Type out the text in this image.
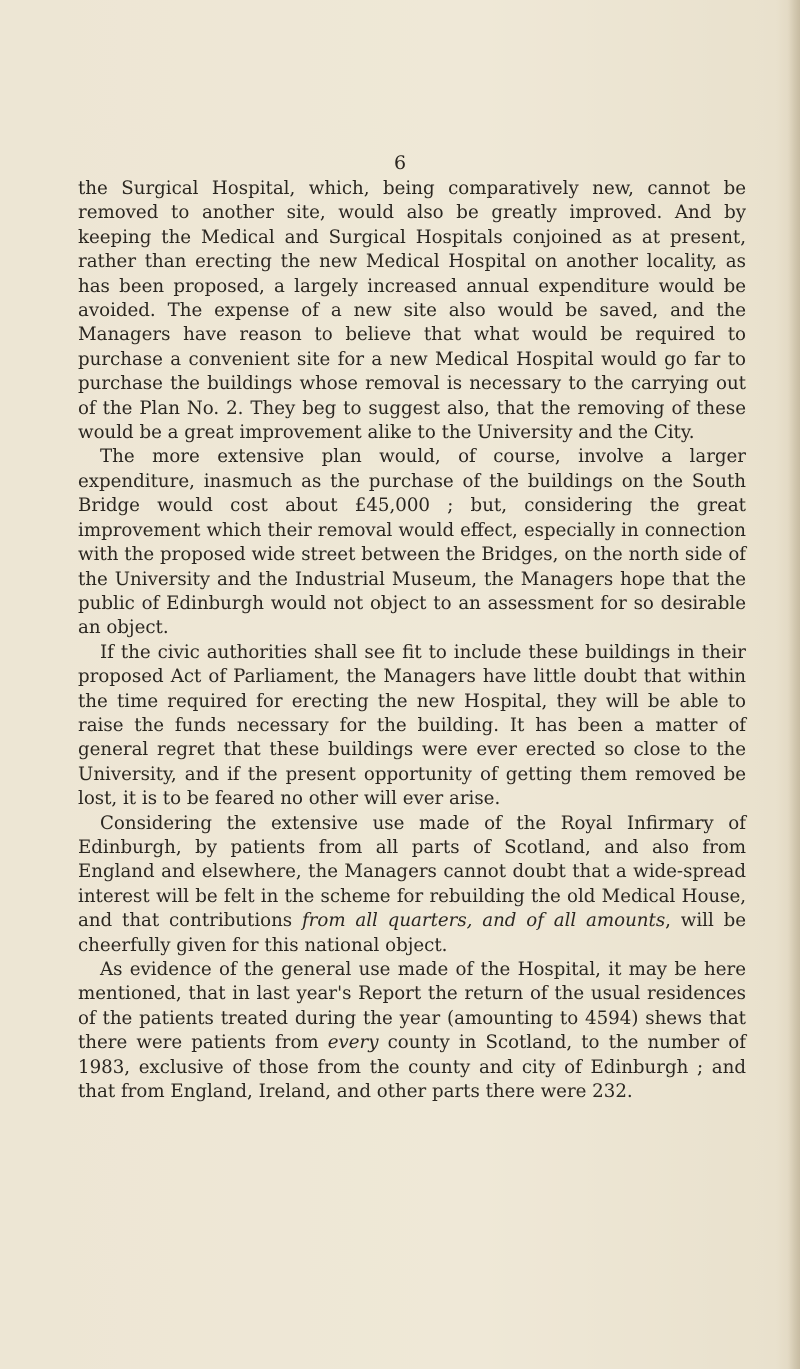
6

the Surgical Hospital, which, being comparatively new, cannot be removed to another site, would also be greatly improved. And by keeping the Medical and Surgical Hospitals conjoined as at present, rather than erecting the new Medical Hospital on another locality, as has been proposed, a largely increased annual expenditure would be avoided. The expense of a new site also would be saved, and the Managers have reason to believe that what would be required to purchase a convenient site for a new Medical Hospital would go far to purchase the buildings whose removal is necessary to the carrying out of the Plan No. 2. They beg to suggest also, that the removing of these would be a great improvement alike to the University and the City.

The more extensive plan would, of course, involve a larger expenditure, inasmuch as the purchase of the buildings on the South Bridge would cost about £45,000 ; but, considering the great improvement which their removal would effect, especially in connection with the proposed wide street between the Bridges, on the north side of the University and the Industrial Museum, the Managers hope that the public of Edinburgh would not object to an assessment for so desirable an object.

If the civic authorities shall see fit to include these buildings in their proposed Act of Parliament, the Managers have little doubt that within the time required for erecting the new Hospital, they will be able to raise the funds necessary for the building. It has been a matter of general regret that these buildings were ever erected so close to the University, and if the present opportunity of getting them removed be lost, it is to be feared no other will ever arise.

Considering the extensive use made of the Royal Infirmary of Edinburgh, by patients from all parts of Scotland, and also from England and elsewhere, the Managers cannot doubt that a wide-spread interest will be felt in the scheme for rebuilding the old Medical House, and that contributions from all quarters, and of all amounts, will be cheerfully given for this national object.

As evidence of the general use made of the Hospital, it may be here mentioned, that in last year's Report the return of the usual residences of the patients treated during the year (amounting to 4594) shews that there were patients from every county in Scotland, to the number of 1983, exclusive of those from the county and city of Edinburgh ; and that from England, Ireland, and other parts there were 232.
